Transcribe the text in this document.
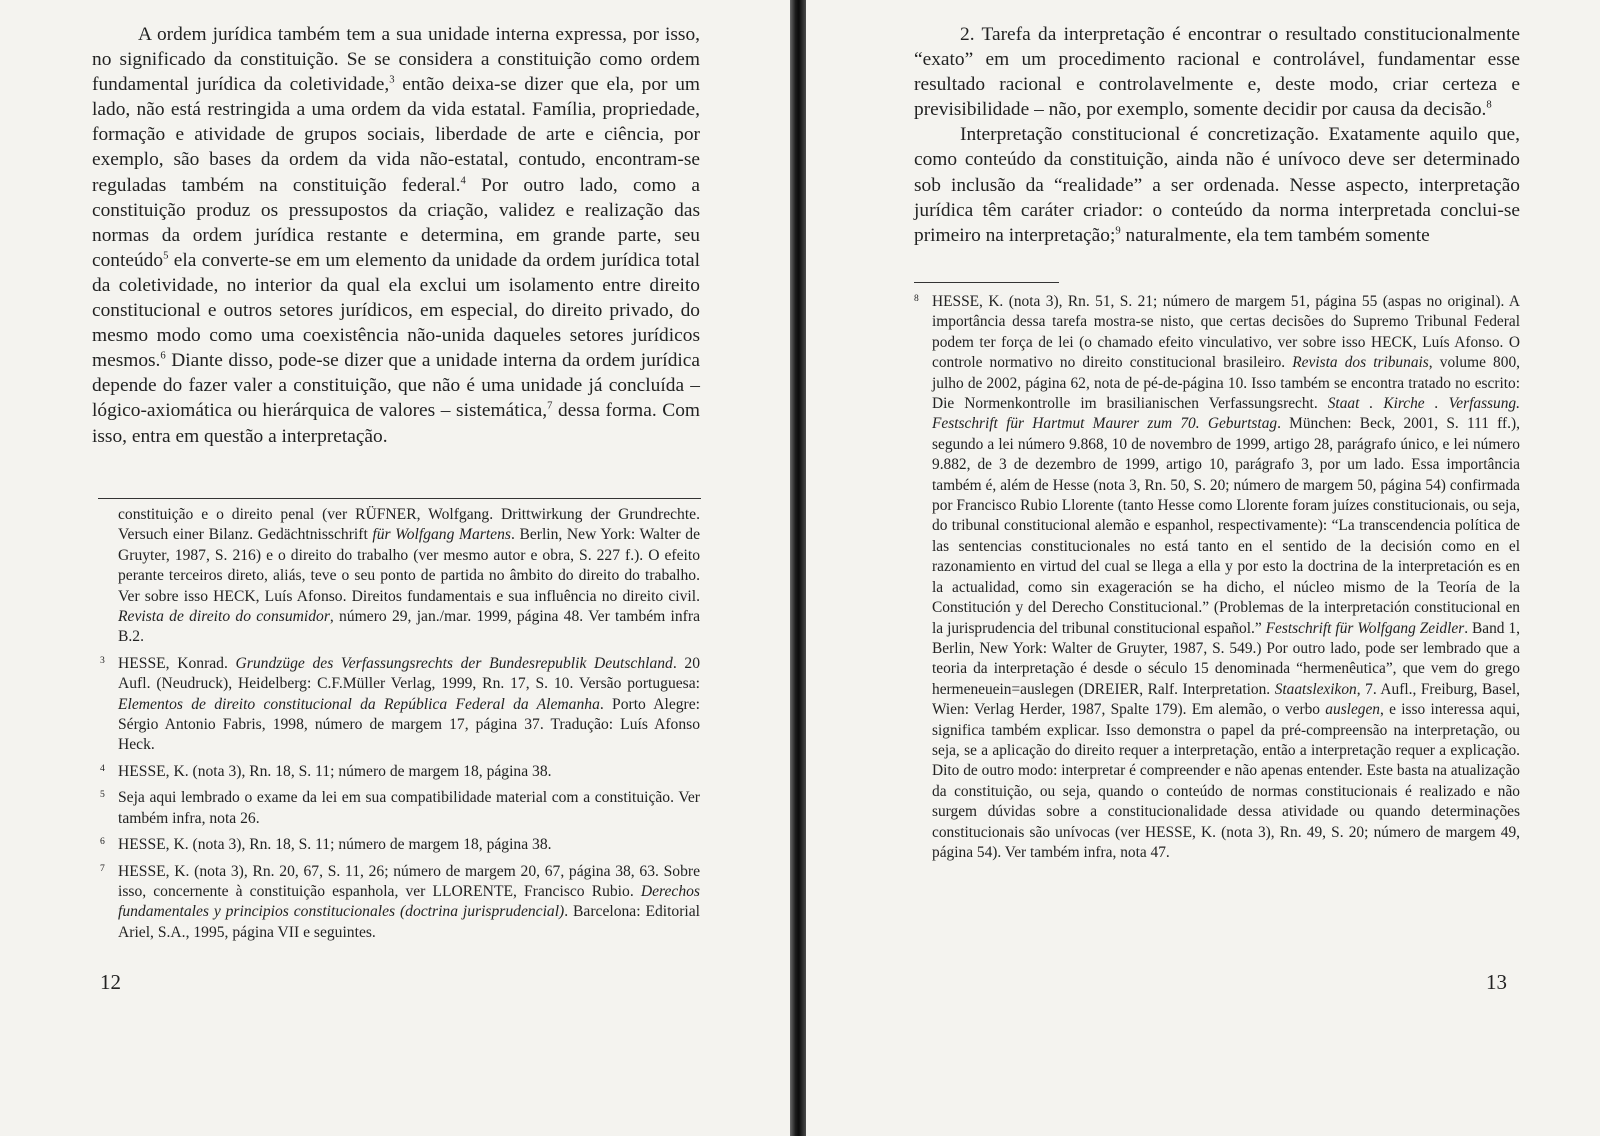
A ordem jurídica também tem a sua unidade interna expressa, por isso, no significado da constituição. Se se considera a constituição como ordem fundamental jurídica da coletividade,$^3$ então deixa-se dizer que ela, por um lado, não está restringida a uma ordem da vida estatal. Família, propriedade, formação e atividade de grupos sociais, liberdade de arte e ciência, por exemplo, são bases da ordem da vida não-estatal, contudo, encontram-se reguladas também na constituição federal.$^4$ Por outro lado, como a constituição produz os pressupostos da criação, validez e realização das normas da ordem jurídica restante e determina, em grande parte, seu conteúdo$^5$ ela converte-se em um elemento da unidade da ordem jurídica total da coletividade, no interior da qual ela exclui um isolamento entre direito constitucional e outros setores jurídicos, em especial, do direito privado, do mesmo modo como uma coexistência não-unida daqueles setores jurídicos mesmos.$^6$ Diante disso, pode-se dizer que a unidade interna da ordem jurídica depende do fazer valer a constituição, que não é uma unidade já concluída – lógico-axiomática ou hierárquica de valores – sistemática,$^7$ dessa forma. Com isso, entra em questão a interpretação.

constituição e o direito penal (ver RÜFNER, Wolfgang. Drittwirkung der Grundrechte. Versuch einer Bilanz. Gedächtnisschrift für Wolfgang Martens. Berlin, New York: Walter de Gruyter, 1987, S. 216) e o direito do trabalho (ver mesmo autor e obra, S. 227 f.). O efeito perante terceiros direto, aliás, teve o seu ponto de partida no âmbito do direito do trabalho. Ver sobre isso HECK, Luís Afonso. Direitos fundamentais e sua influência no direito civil. Revista de direito do consumidor, número 29, jan./mar. 1999, página 48. Ver também infra B.2.

3 HESSE, Konrad. Grundzüge des Verfassungsrechts der Bundesrepublik Deutschland. 20 Aufl. (Neudruck), Heidelberg: C.F.Müller Verlag, 1999, Rn. 17, S. 10. Versão portuguesa: Elementos de direito constitucional da República Federal da Alemanha. Porto Alegre: Sérgio Antonio Fabris, 1998, número de margem 17, página 37. Tradução: Luís Afonso Heck.

4 HESSE, K. (nota 3), Rn. 18, S. 11; número de margem 18, página 38.

5 Seja aqui lembrado o exame da lei em sua compatibilidade material com a constituição. Ver também infra, nota 26.

6 HESSE, K. (nota 3), Rn. 18, S. 11; número de margem 18, página 38.

7 HESSE, K. (nota 3), Rn. 20, 67, S. 11, 26; número de margem 20, 67, página 38, 63. Sobre isso, concernente à constituição espanhola, ver LLORENTE, Francisco Rubio. Derechos fundamentales y principios constitucionales (doctrina jurisprudencial). Barcelona: Editorial Ariel, S.A., 1995, página VII e seguintes.

12

2. Tarefa da interpretação é encontrar o resultado constitucionalmente “exato” em um procedimento racional e controlável, fundamentar esse resultado racional e controlavelmente e, deste modo, criar certeza e previsibilidade – não, por exemplo, somente decidir por causa da decisão.$^8$

Interpretação constitucional é concretização. Exatamente aquilo que, como conteúdo da constituição, ainda não é unívoco deve ser determinado sob inclusão da “realidade” a ser ordenada. Nesse aspecto, interpretação jurídica têm caráter criador: o conteúdo da norma interpretada conclui-se primeiro na interpretação;$^9$ naturalmente, ela tem também somente

8 HESSE, K. (nota 3), Rn. 51, S. 21; número de margem 51, página 55 (aspas no original). A importância dessa tarefa mostra-se nisto, que certas decisões do Supremo Tribunal Federal podem ter força de lei (o chamado efeito vinculativo, ver sobre isso HECK, Luís Afonso. O controle normativo no direito constitucional brasileiro. Revista dos tribunais, volume 800, julho de 2002, página 62, nota de pé-de-página 10. Isso também se encontra tratado no escrito: Die Normenkontrolle im brasilianischen Verfassungsrecht. Staat . Kirche . Verfassung. Festschrift für Hartmut Maurer zum 70. Geburtstag. München: Beck, 2001, S. 111 ff.), segundo a lei número 9.868, 10 de novembro de 1999, artigo 28, parágrafo único, e lei número 9.882, de 3 de dezembro de 1999, artigo 10, parágrafo 3, por um lado. Essa importância também é, além de Hesse (nota 3, Rn. 50, S. 20; número de margem 50, página 54) confirmada por Francisco Rubio Llorente (tanto Hesse como Llorente foram juízes constitucionais, ou seja, do tribunal constitucional alemão e espanhol, respectivamente): “La transcendencia política de las sentencias constitucionales no está tanto en el sentido de la decisión como en el razonamiento en virtud del cual se llega a ella y por esto la doctrina de la interpretación es en la actualidad, como sin exageración se ha dicho, el núcleo mismo de la Teoría de la Constitución y del Derecho Constitucional.” (Problemas de la interpretación constitucional en la jurisprudencia del tribunal constitucional español.” Festschrift für Wolfgang Zeidler. Band 1, Berlin, New York: Walter de Gruyter, 1987, S. 549.) Por outro lado, pode ser lembrado que a teoria da interpretação é desde o século 15 denominada “hermenêutica”, que vem do grego hermeneuein=auslegen (DREIER, Ralf. Interpretation. Staatslexikon, 7. Aufl., Freiburg, Basel, Wien: Verlag Herder, 1987, Spalte 179). Em alemão, o verbo auslegen, e isso interessa aqui, significa também explicar. Isso demonstra o papel da pré-compreensão na interpretação, ou seja, se a aplicação do direito requer a interpretação, então a interpretação requer a explicação. Dito de outro modo: interpretar é compreender e não apenas entender. Este basta na atualização da constituição, ou seja, quando o conteúdo de normas constitucionais é realizado e não surgem dúvidas sobre a constitucionalidade dessa atividade ou quando determinações constitucionais são unívocas (ver HESSE, K. (nota 3), Rn. 49, S. 20; número de margem 49, página 54). Ver também infra, nota 47.

13
